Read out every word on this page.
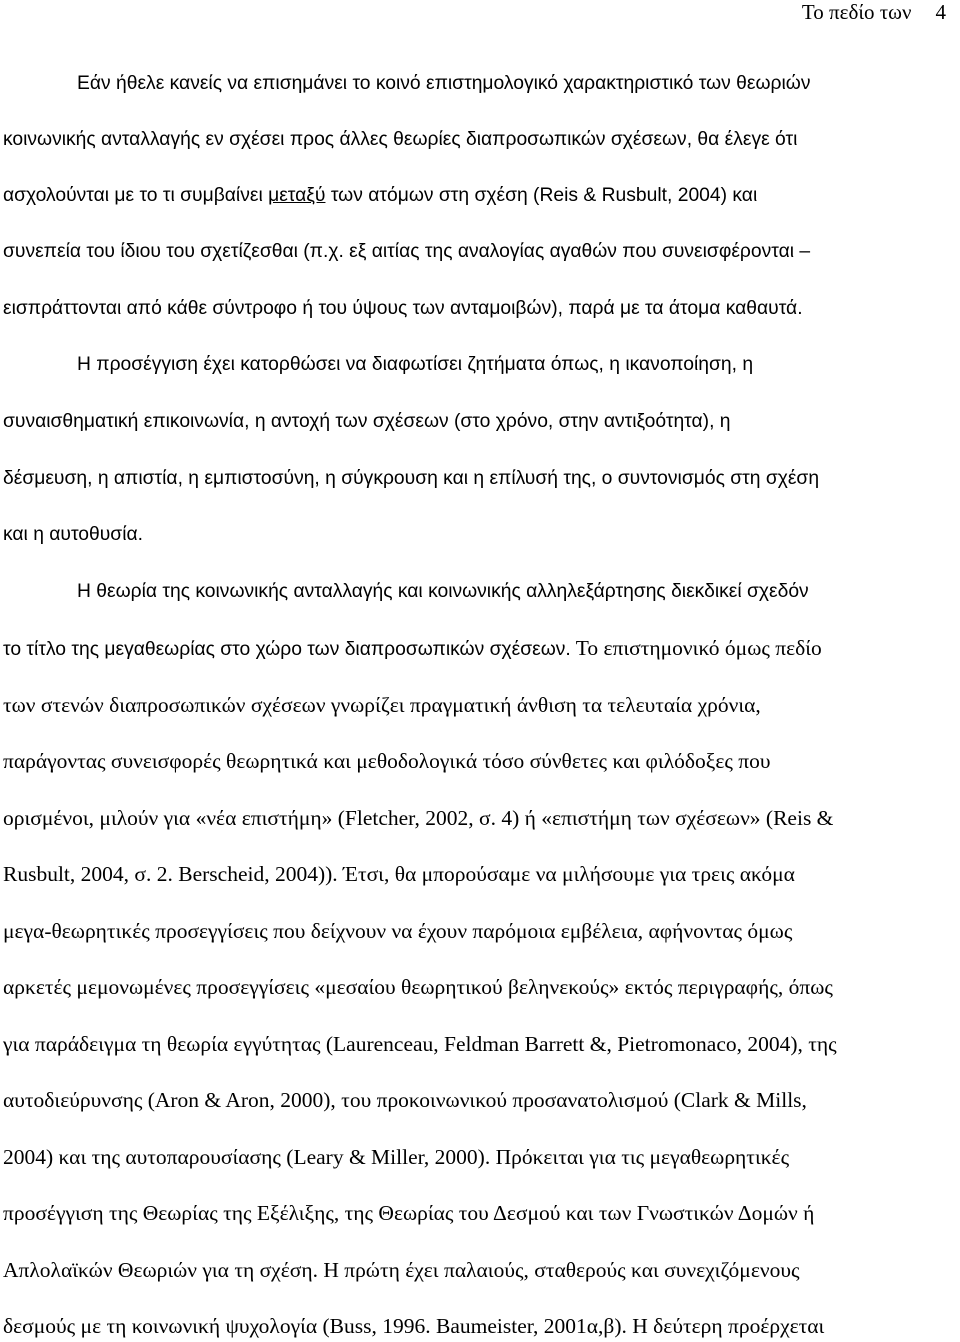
Το πεδίο των 4
Εάν ήθελε κανείς να επισημάνει το κοινό επιστημολογικό χαρακτηριστικό των θεωριών
κοινωνικής ανταλλαγής εν σχέσει προς άλλες θεωρίες διαπροσωπικών σχέσεων, θα έλεγε ότι
ασχολούνται με το τι συμβαίνει μεταξύ των ατόμων στη σχέση (Reis & Rusbult, 2004) και
συνεπεία του ίδιου του σχετίζεσθαι (π.χ. εξ αιτίας της αναλογίας αγαθών που συνεισφέρονται –
εισπράττονται από κάθε σύντροφο ή του ύψους των ανταμοιβών), παρά με τα άτομα καθαυτά.
Η προσέγγιση έχει κατορθώσει να διαφωτίσει ζητήματα όπως, η ικανοποίηση, η
συναισθηματική επικοινωνία, η αντοχή των σχέσεων (στο χρόνο, στην αντιξοότητα), η
δέσμευση, η απιστία, η εμπιστοσύνη, η σύγκρουση και η επίλυσή της, ο συντονισμός στη σχέση
και η αυτοθυσία.
Η θεωρία της κοινωνικής ανταλλαγής και κοινωνικής αλληλεξάρτησης διεκδικεί σχεδόν
το τίτλο της μεγαθεωρίας στο χώρο των διαπροσωπικών σχέσεων. Το επιστημονικό όμως πεδίο
των στενών διαπροσωπικών σχέσεων γνωρίζει πραγματική άνθιση τα τελευταία χρόνια,
παράγοντας συνεισφορές θεωρητικά και μεθοδολογικά τόσο σύνθετες και φιλόδοξες που
ορισμένοι, μιλούν για «νέα επιστήμη» (Fletcher, 2002, σ. 4) ή «επιστήμη των σχέσεων» (Reis &
Rusbult, 2004, σ. 2. Berscheid, 2004)). Έτσι, θα μπορούσαμε να μιλήσουμε για τρεις ακόμα
μεγα-θεωρητικές προσεγγίσεις που δείχνουν να έχουν παρόμοια εμβέλεια, αφήνοντας όμως
αρκετές μεμονωμένες προσεγγίσεις «μεσαίου θεωρητικού βεληνεκούς» εκτός περιγραφής, όπως
για παράδειγμα τη θεωρία εγγύτητας (Laurenceau, Feldman Barrett &, Pietromonaco, 2004), της
αυτοδιεύρυνσης (Aron & Aron, 2000), του προκοινωνικού προσανατολισμού (Clark & Mills,
2004) και της αυτοπαρουσίασης (Leary & Miller, 2000). Πρόκειται για τις μεγαθεωρητικές
προσέγγιση της Θεωρίας της Εξέλιξης, της Θεωρίας του Δεσμού και των Γνωστικών Δομών ή
Απλολαϊκών Θεωριών για τη σχέση. Η πρώτη έχει παλαιούς, σταθερούς και συνεχιζόμενους
δεσμούς με τη κοινωνική ψυχολογία (Buss, 1996. Baumeister, 2001α,β). Η δεύτερη προέρχεται
